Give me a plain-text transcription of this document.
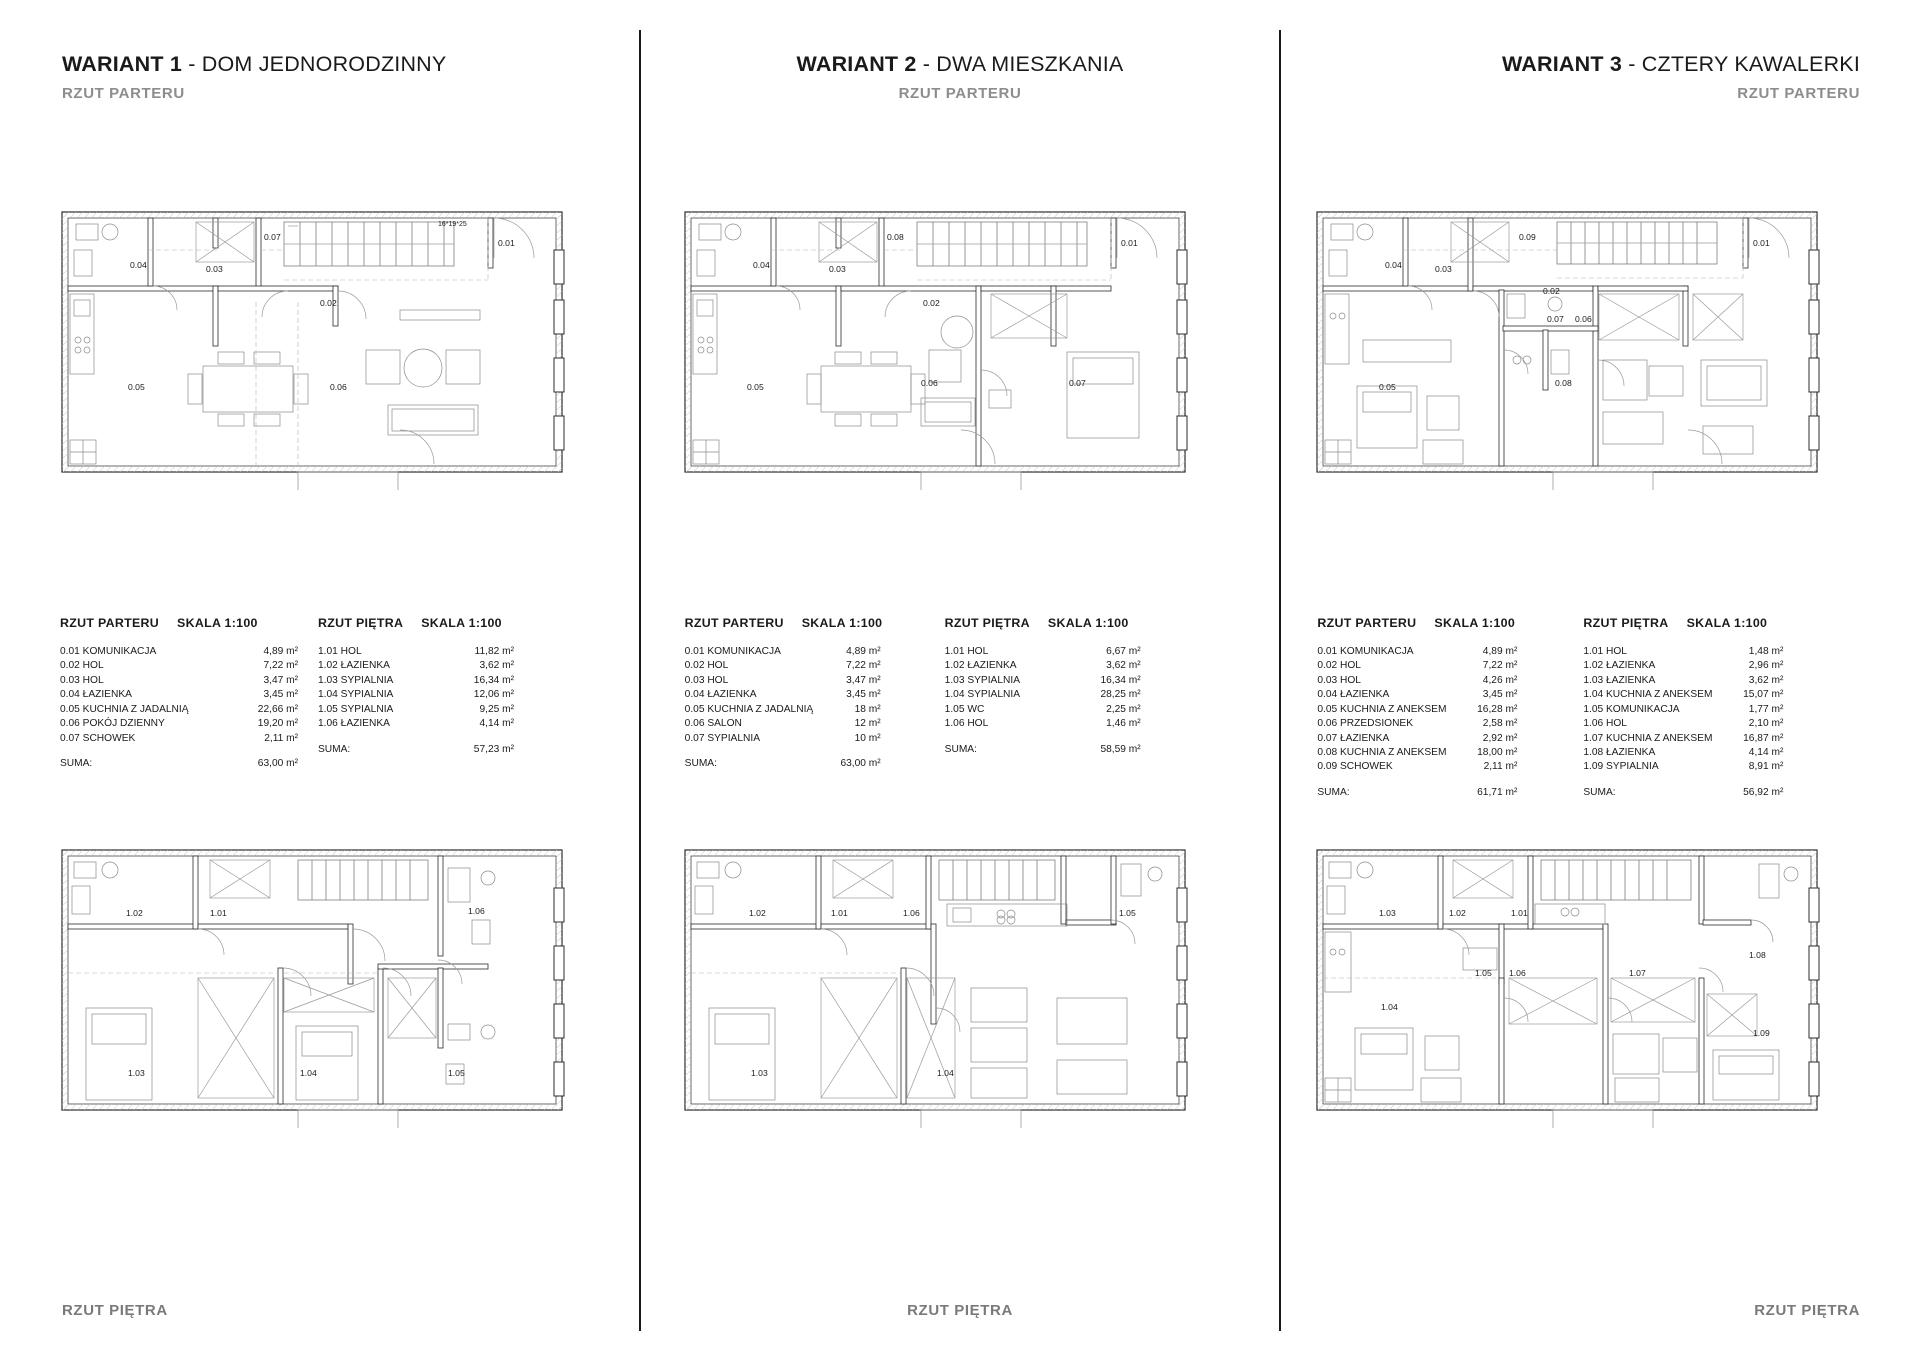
WARIANT 1 - DOM JEDNORODZINNY
RZUT PARTERU
0.04	0.03
0.07
0.01
0.02
0.05	0.06
16*19*25
RZUT PARTERU SKALA 1:100
0.01 KOMUNIKACJA	4,89 m²
0.02 HOL	7,22 m²
0.03 HOL	3,47 m²
0.04 ŁAZIENKA	3,45 m²
0.05 KUCHNIA Z JADALNIĄ	22,66 m²
0.06 POKÓJ DZIENNY	19,20 m²
0.07 SCHOWEK	2,11 m²
SUMA:	63,00 m²
RZUT PIĘTRA SKALA 1:100
1.01 HOL	11,82 m²
1.02 ŁAZIENKA	3,62 m²
1.03 SYPIALNIA	16,34 m²
1.04 SYPIALNIA	12,06 m²
1.05 SYPIALNIA	9,25 m²
1.06 ŁAZIENKA	4,14 m²
SUMA:	57,23 m²
1.02	1.01	1.06
1.03	1.04	1.05
RZUT PIĘTRA
WARIANT 2 - DWA MIESZKANIA
RZUT PARTERU
0.04	0.03
0.08
0.01
0.02
0.05	0.06	0.07
RZUT PARTERU SKALA 1:100
0.01 KOMUNIKACJA	4,89 m²
0.02 HOL	7,22 m²
0.03 HOL	3,47 m²
0.04 ŁAZIENKA	3,45 m²
0.05 KUCHNIA Z JADALNIĄ	18 m²
0.06 SALON	12 m²
0.07 SYPIALNIA	10 m²
SUMA:	63,00 m²
RZUT PIĘTRA SKALA 1:100
1.01 HOL	6,67 m²
1.02 ŁAZIENKA	3,62 m²
1.03 SYPIALNIA	16,34 m²
1.04 SYPIALNIA	28,25 m²
1.05 WC	2,25 m²
1.06 HOL	1,46 m²
SUMA:	58,59 m²
1.02	1.01	1.06	1.05
1.03	1.04
RZUT PIĘTRA
WARIANT 3 - CZTERY KAWALERKI
RZUT PARTERU
0.04	0.03
0.09
0.01
0.02
0.05
0.07 0.06
0.08
RZUT PARTERU SKALA 1:100
0.01 KOMUNIKACJA	4,89 m²
0.02 HOL	7,22 m²
0.03 HOL	4,26 m²
0.04 ŁAZIENKA	3,45 m²
0.05 KUCHNIA Z ANEKSEM	16,28 m²
0.06 PRZEDSIONEK	2,58 m²
0.07 ŁAZIENKA	2,92 m²
0.08 KUCHNIA Z ANEKSEM	18,00 m²
0.09 SCHOWEK	2,11 m²
SUMA:	61,71 m²
RZUT PIĘTRA SKALA 1:100
1.01 HOL	1,48 m²
1.02 ŁAZIENKA	2,96 m²
1.03 ŁAZIENKA	3,62 m²
1.04 KUCHNIA Z ANEKSEM	15,07 m²
1.05 KOMUNIKACJA	1,77 m²
1.06 HOL	2,10 m²
1.07 KUCHNIA Z ANEKSEM	16,87 m²
1.08 ŁAZIENKA	4,14 m²
1.09 SYPIALNIA	8,91 m²
SUMA:	56,92 m²
1.03	1.02	1.01
1.05 1.06	1.07
1.08
1.04
1.09
RZUT PIĘTRA
